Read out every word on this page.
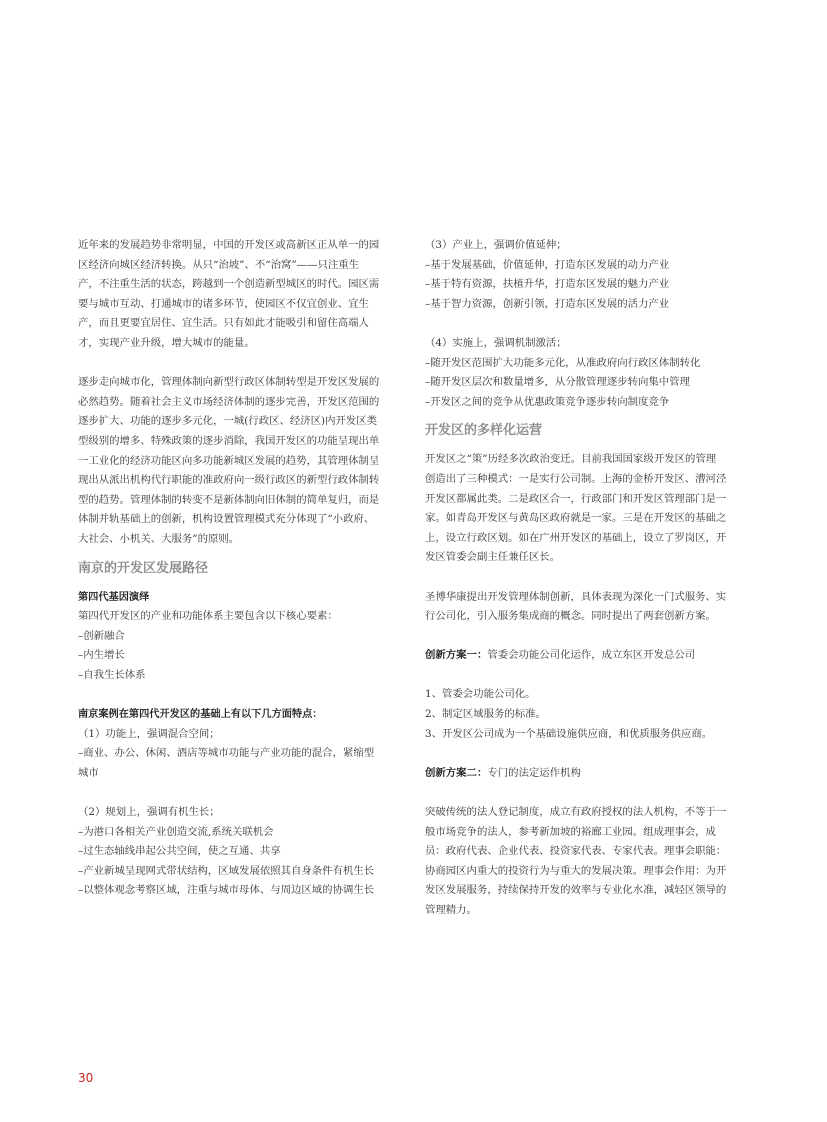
近年来的发展趋势非常明显，中国的开发区或高新区正从单一的园

区经济向城区经济转换。从只“治坡”、不“治窝”——只注重生

产，不注重生活的状态，跨越到一个创造新型城区的时代。园区需

要与城市互动、打通城市的诸多环节，使园区不仅宜创业、宜生

产，而且更要宜居住、宜生活。只有如此才能吸引和留住高端人

才，实现产业升级，增大城市的能量。

逐步走向城市化，管理体制向新型行政区体制转型是开发区发展的

必然趋势。随着社会主义市场经济体制的逐步完善，开发区范围的

逐步扩大、功能的逐步多元化，一城(行政区、经济区)内开发区类

型级别的增多、特殊政策的逐步消除，我国开发区的功能呈现出单

一工业化的经济功能区向多功能新城区发展的趋势，其管理体制呈

现出从派出机构代行职能的准政府向一级行政区的新型行政体制转

型的趋势。管理体制的转变不是新体制向旧体制的简单复归，而是

体制并轨基础上的创新，机构设置管理模式充分体现了“小政府、

大社会、小机关、大服务”的原则。

南京的开发区发展路径

第四代基因演绎

第四代开发区的产业和功能体系主要包含以下核心要素：

–创新融合

–内生增长

–自我生长体系

南京案例在第四代开发区的基础上有以下几方面特点：

（1）功能上，强调混合空间；

–商业、办公、休闲、酒店等城市功能与产业功能的混合，紧缩型

城市

（2）规划上，强调有机生长；

–为港口各相关产业创造交流,系统关联机会

–过生态轴线串起公共空间，使之互通、共享

–产业新城呈现网式带状结构，区域发展依照其自身条件有机生长

–以整体观念考察区域，注重与城市母体、与周边区域的协调生长

（3）产业上，强调价值延伸；

–基于发展基础，价值延伸，打造东区发展的动力产业

–基于特有资源，扶植升华，打造东区发展的魅力产业

–基于智力资源，创新引领，打造东区发展的活力产业

（4）实施上，强调机制激活；

–随开发区范围扩大功能多元化，从准政府向行政区体制转化

–随开发区层次和数量增多，从分散管理逐步转向集中管理

–开发区之间的竞争从优惠政策竞争逐步转向制度竞争

开发区的多样化运营

开发区之“策”历经多次政治变迁。目前我国国家级开发区的管理

创造出了三种模式：一是实行公司制。上海的金桥开发区、漕河泾

开发区都属此类。二是政区合一，行政部门和开发区管理部门是一

家。如青岛开发区与黄岛区政府就是一家。三是在开发区的基础之

上，设立行政区划。如在广州开发区的基础上，设立了罗岗区，开

发区管委会副主任兼任区长。

圣博华康提出开发管理体制创新，具体表现为深化一门式服务、实

行公司化，引入服务集成商的概念。同时提出了两套创新方案。

创新方案一：管委会功能公司化运作，成立东区开发总公司

1、管委会功能公司化。

2、制定区域服务的标准。

3、开发区公司成为一个基础设施供应商，和优质服务供应商。

创新方案二：专门的法定运作机构

突破传统的法人登记制度，成立有政府授权的法人机构，不等于一

般市场竞争的法人，参考新加坡的裕廊工业园。组成理事会，成

员：政府代表、企业代表、投资家代表、专家代表。理事会职能：

协商园区内重大的投资行为与重大的发展决策。理事会作用：为开

发区发展服务，持续保持开发的效率与专业化水准，减轻区领导的

管理精力。

30
